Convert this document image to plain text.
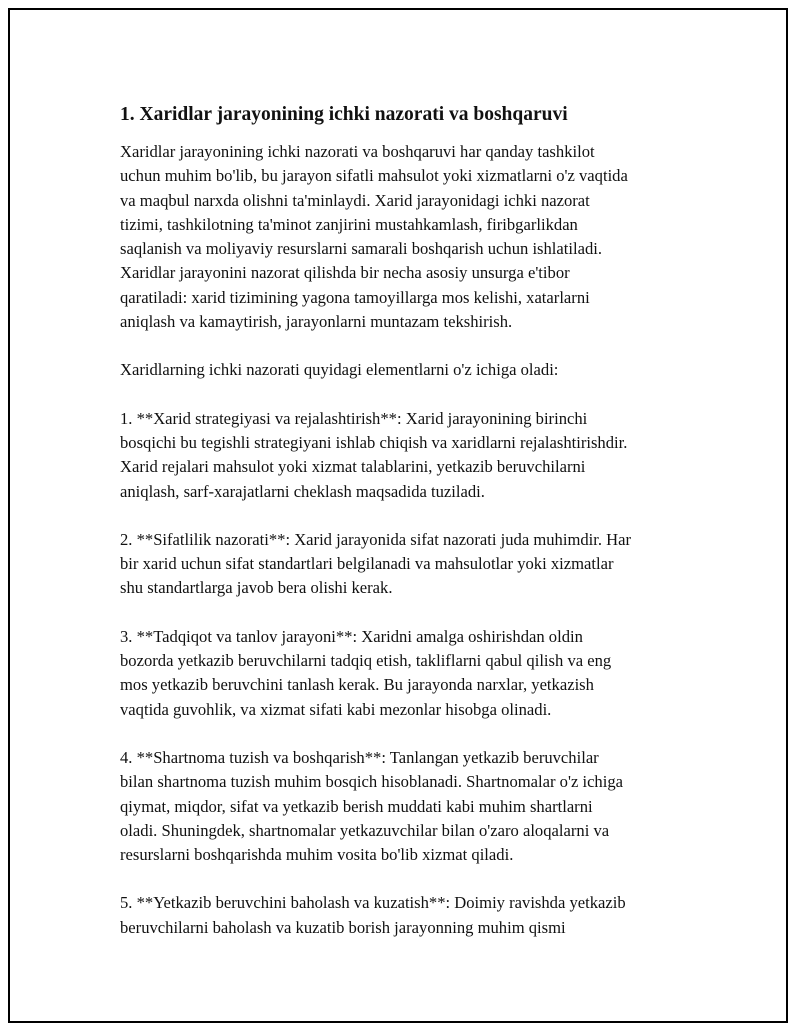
1. Xaridlar jarayonining ichki nazorati va boshqaruvi
Xaridlar jarayonining ichki nazorati va boshqaruvi har qanday tashkilot
uchun muhim bo'lib, bu jarayon sifatli mahsulot yoki xizmatlarni o'z vaqtida
va maqbul narxda olishni ta'minlaydi. Xarid jarayonidagi ichki nazorat
tizimi, tashkilotning ta'minot zanjirini mustahkamlash, firibgarlikdan
saqlanish va moliyaviy resurslarni samarali boshqarish uchun ishlatiladi.
Xaridlar jarayonini nazorat qilishda bir necha asosiy unsurga e'tibor
qaratiladi: xarid tizimining yagona tamoyillarga mos kelishi, xatarlarni
aniqlash va kamaytirish, jarayonlarni muntazam tekshirish.
Xaridlarning ichki nazorati quyidagi elementlarni o'z ichiga oladi:
1. **Xarid strategiyasi va rejalashtirish**: Xarid jarayonining birinchi
bosqichi bu tegishli strategiyani ishlab chiqish va xaridlarni rejalashtirishdir.
Xarid rejalari mahsulot yoki xizmat talablarini, yetkazib beruvchilarni
aniqlash, sarf-xarajatlarni cheklash maqsadida tuziladi.
2. **Sifatlilik nazorati**: Xarid jarayonida sifat nazorati juda muhimdir. Har
bir xarid uchun sifat standartlari belgilanadi va mahsulotlar yoki xizmatlar
shu standartlarga javob bera olishi kerak.
3. **Tadqiqot va tanlov jarayoni**: Xaridni amalga oshirishdan oldin
bozorda yetkazib beruvchilarni tadqiq etish, takliflarni qabul qilish va eng
mos yetkazib beruvchini tanlash kerak. Bu jarayonda narxlar, yetkazish
vaqtida guvohlik, va xizmat sifati kabi mezonlar hisobga olinadi.
4. **Shartnoma tuzish va boshqarish**: Tanlangan yetkazib beruvchilar
bilan shartnoma tuzish muhim bosqich hisoblanadi. Shartnomalar o'z ichiga
qiymat, miqdor, sifat va yetkazib berish muddati kabi muhim shartlarni
oladi. Shuningdek, shartnomalar yetkazuvchilar bilan o'zaro aloqalarni va
resurslarni boshqarishda muhim vosita bo'lib xizmat qiladi.
5. **Yetkazib beruvchini baholash va kuzatish**: Doimiy ravishda yetkazib
beruvchilarni baholash va kuzatib borish jarayonning muhim qismi
